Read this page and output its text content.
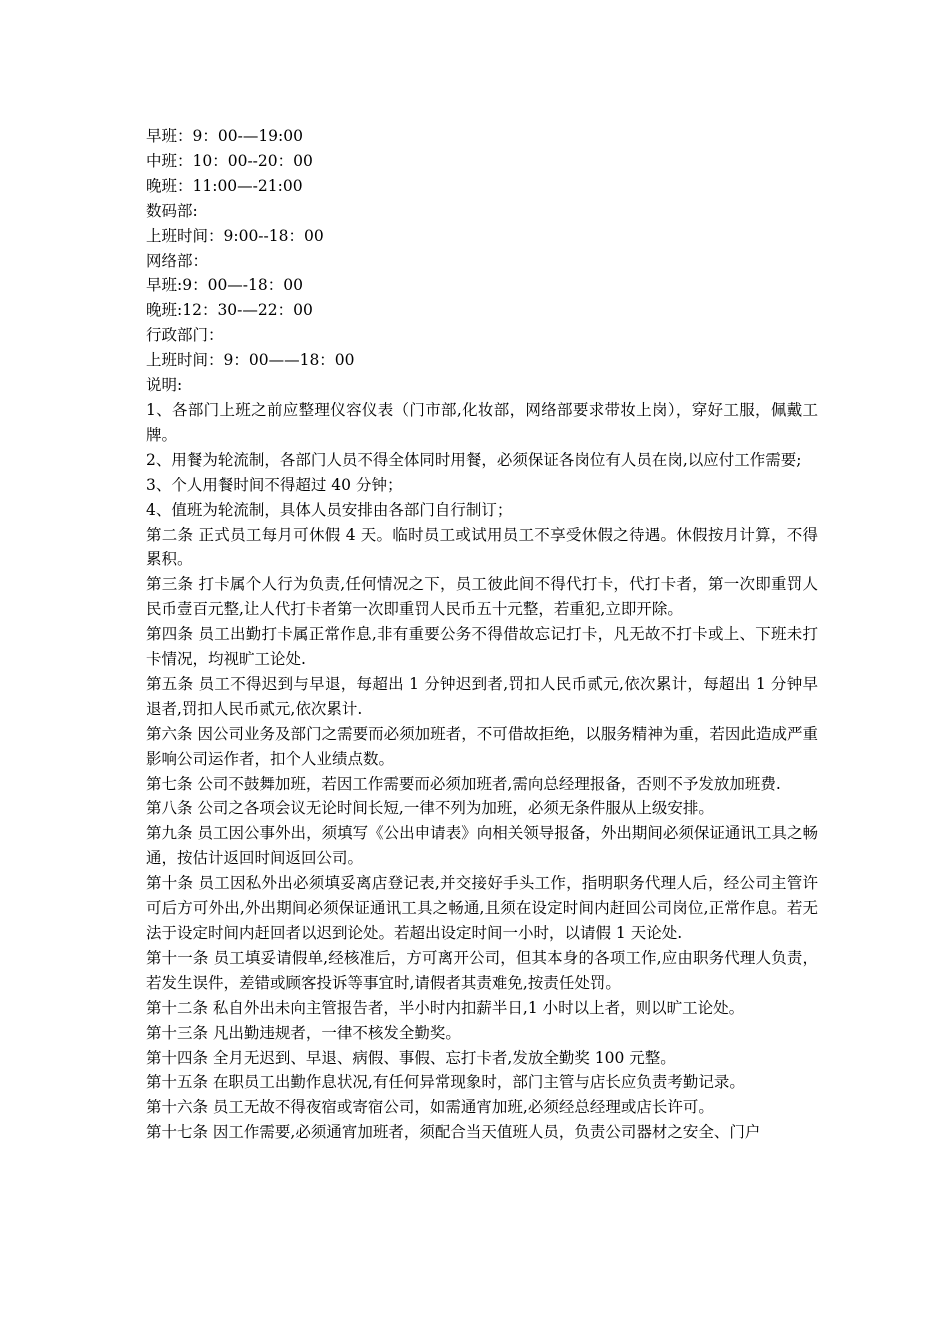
早班：9：00-—19:00

中班：10：00--20：00

晚班：11:00—-21:00

数码部:

上班时间：9:00--18：00

网络部：

早班:9：00—-18：00

晚班:12：30-—22：00

行政部门：

上班时间：9：00——18：00

说明:

1、各部门上班之前应整理仪容仪表（门市部,化妆部，网络部要求带妆上岗），穿好工服，佩戴工牌。

2、用餐为轮流制，各部门人员不得全体同时用餐，必须保证各岗位有人员在岗,以应付工作需要;

3、个人用餐时间不得超过 40 分钟；

4、值班为轮流制，具体人员安排由各部门自行制订；

第二条 正式员工每月可休假 4 天。临时员工或试用员工不享受休假之待遇。休假按月计算，不得累积。

第三条 打卡属个人行为负责,任何情况之下，员工彼此间不得代打卡，代打卡者，第一次即重罚人民币壹百元整,让人代打卡者第一次即重罚人民币五十元整，若重犯,立即开除。

第四条 员工出勤打卡属正常作息,非有重要公务不得借故忘记打卡，凡无故不打卡或上、下班未打卡情况，均视旷工论处.

第五条 员工不得迟到与早退，每超出 1 分钟迟到者,罚扣人民币贰元,依次累计，每超出 1 分钟早退者,罚扣人民币贰元,依次累计.

第六条 因公司业务及部门之需要而必须加班者，不可借故拒绝，以服务精神为重，若因此造成严重影响公司运作者，扣个人业绩点数。

第七条 公司不鼓舞加班，若因工作需要而必须加班者,需向总经理报备，否则不予发放加班费.

第八条 公司之各项会议无论时间长短,一律不列为加班，必须无条件服从上级安排。

第九条 员工因公事外出，须填写《公出申请表》向相关领导报备，外出期间必须保证通讯工具之畅通，按估计返回时间返回公司。

第十条 员工因私外出必须填妥离店登记表,并交接好手头工作，指明职务代理人后，经公司主管许可后方可外出,外出期间必须保证通讯工具之畅通,且须在设定时间内赶回公司岗位,正常作息。若无法于设定时间内赶回者以迟到论处。若超出设定时间一小时，以请假 1 天论处.

第十一条 员工填妥请假单,经核准后，方可离开公司，但其本身的各项工作,应由职务代理人负责，若发生误件，差错或顾客投诉等事宜时,请假者其责难免,按责任处罚。

第十二条 私自外出未向主管报告者，半小时内扣薪半日,1 小时以上者，则以旷工论处。

第十三条 凡出勤违规者，一律不核发全勤奖。

第十四条 全月无迟到、早退、病假、事假、忘打卡者,发放全勤奖 100 元整。

第十五条 在职员工出勤作息状况,有任何异常现象时，部门主管与店长应负责考勤记录。

第十六条 员工无故不得夜宿或寄宿公司，如需通宵加班,必须经总经理或店长许可。

第十七条 因工作需要,必须通宵加班者，须配合当天值班人员，负责公司器材之安全、门户
